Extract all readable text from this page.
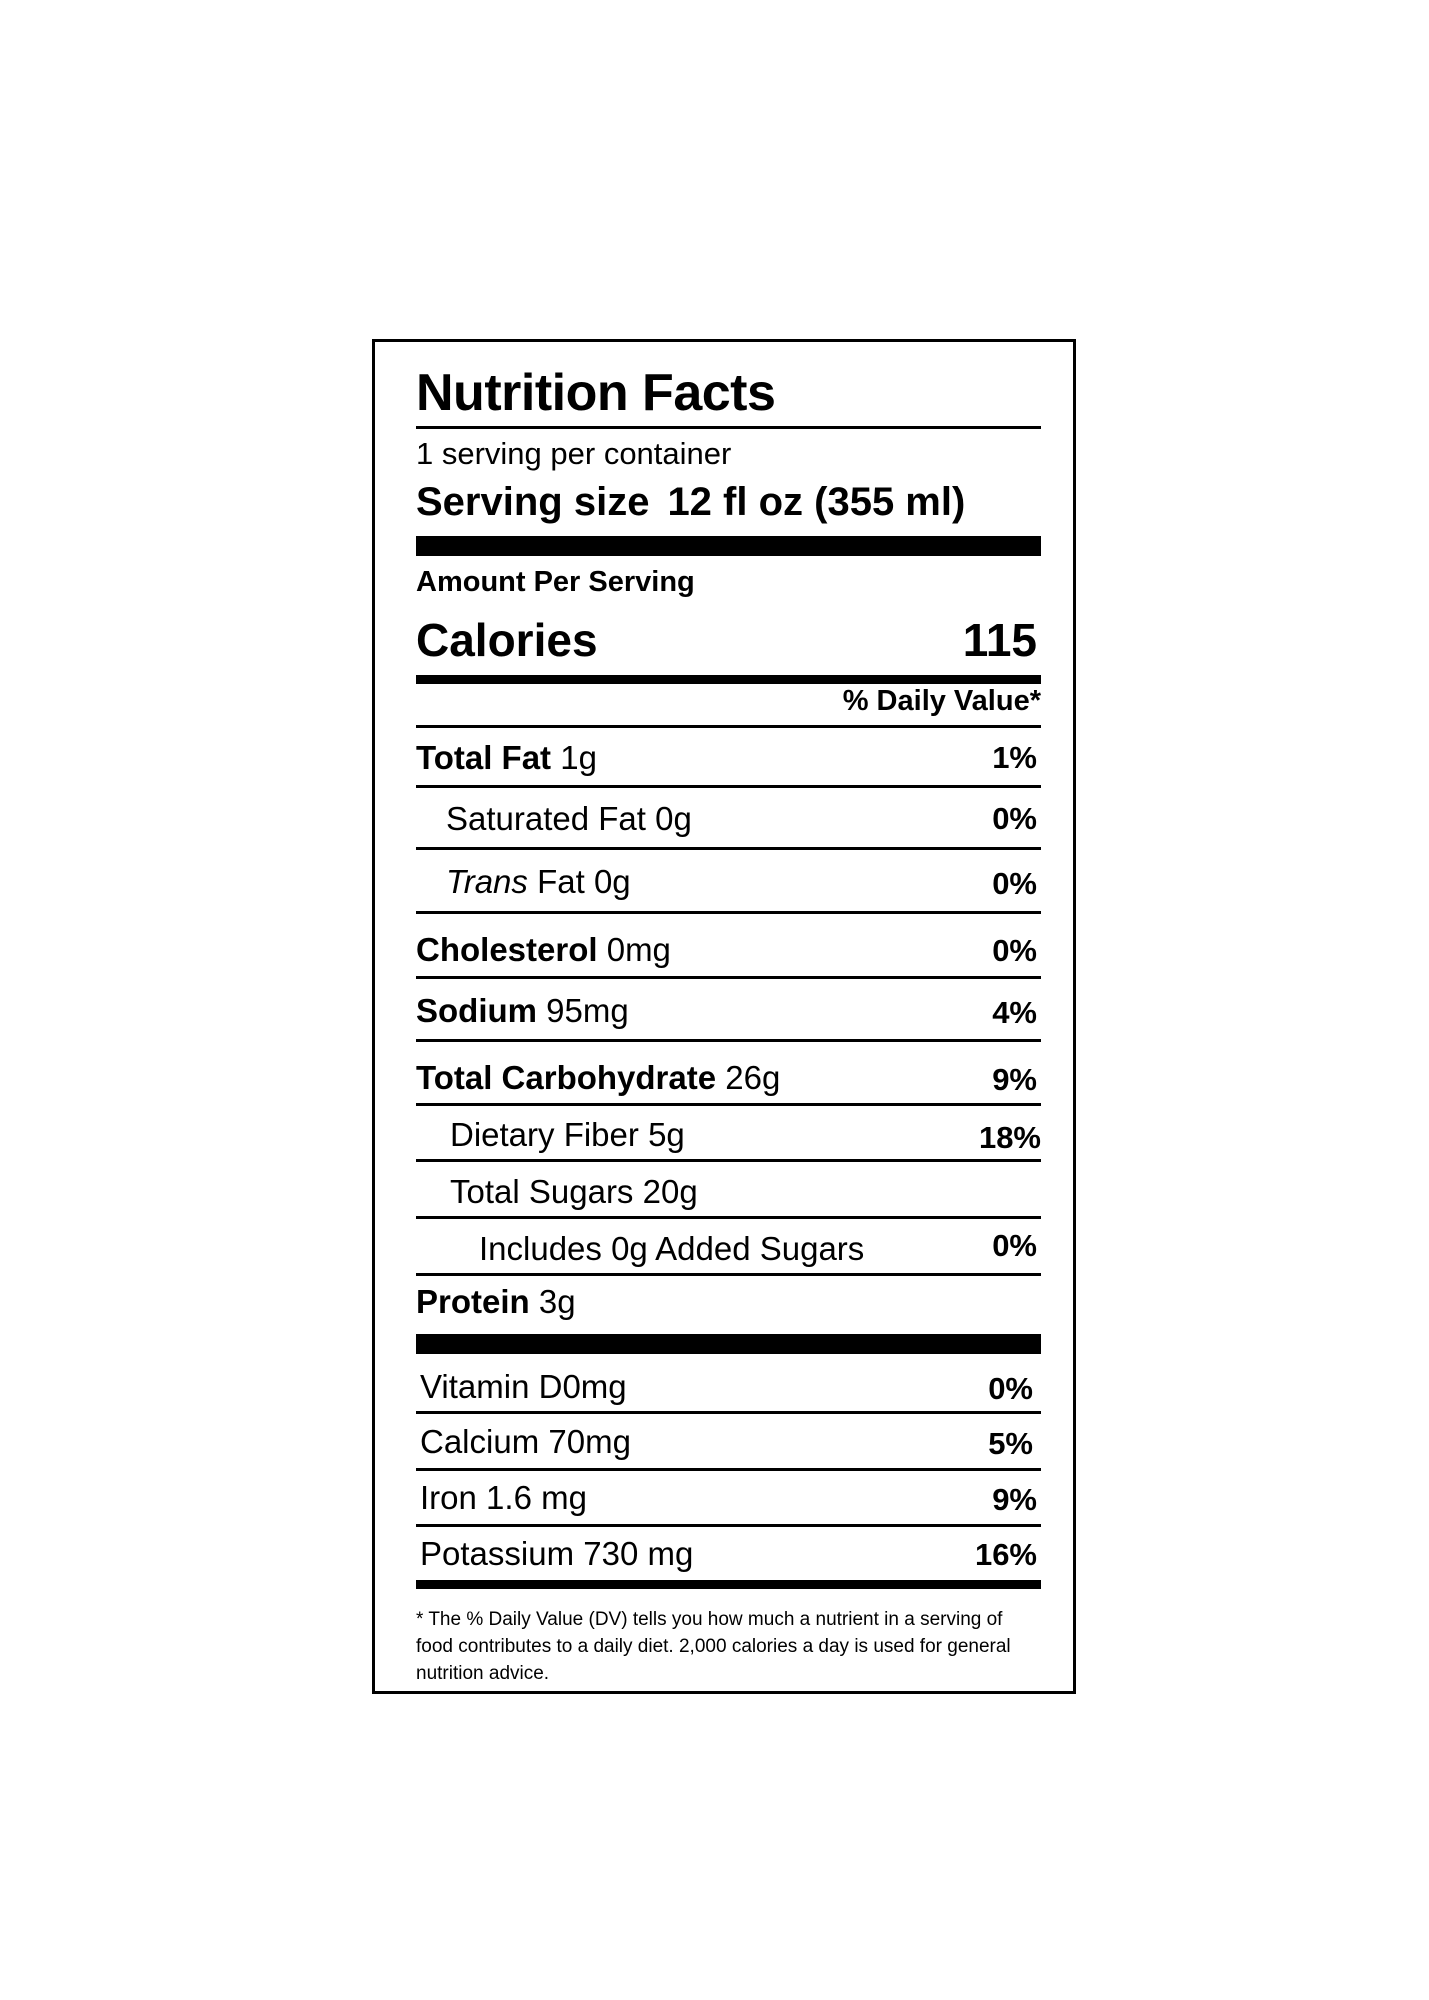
Nutrition Facts
1 serving per container
Serving size 12 fl oz (355 ml)
Amount Per Serving
Calories	115
% Daily Value*
Total Fat 1g	1%
Saturated Fat 0g	0%
Trans Fat 0g	0%
Cholesterol 0mg	0%
Sodium 95mg	4%
Total Carbohydrate 26g	9%
Dietary Fiber 5g	18%
Total Sugars 20g
Includes 0g Added Sugars	0%
Protein 3g
Vitamin D0mg	0%
Calcium 70mg	5%
Iron 1.6 mg	9%
Potassium 730 mg	16%
* The % Daily Value (DV) tells you how much a nutrient in a serving of food contributes to a daily diet. 2,000 calories a day is used for general nutrition advice.
